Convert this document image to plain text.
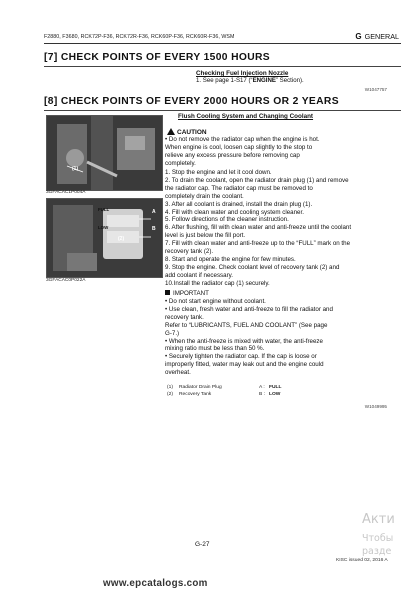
F2880, F3680, RCK72P-F36, RCK72R-F36, RCK60P-F36, RCK60R-F36, WSM	G GENERAL
[7] CHECK POINTS OF EVERY 1500 HOURS
Checking Fuel Injection Nozzle
1. See page 1-S17 (“ENGINE” Section).
W1047757
[8] CHECK POINTS OF EVERY 2000 HOURS OR 2 YEARS
Flush Cooling System and Changing Coolant
(1)
3GFACAC1P004A
FULL
LOW
A
B
(2)
3GFACAC0P022A
CAUTION
• Do not remove the radiator cap when the engine is hot.
When engine is cool, loosen cap slightly to the stop to
relieve any excess pressure before removing cap
completely.
1. Stop the engine and let it cool down.
2. To drain the coolant, open the radiator drain plug (1) and remove
the radiator cap. The radiator cap must be removed to
completely drain the coolant.
3. After all coolant is drained, install the drain plug (1).
4. Fill with clean water and cooling system cleaner.
5. Follow directions of the cleaner instruction.
6. After flushing, fill with clean water and anti-freeze until the coolant
level is just below the fill port.
7. Fill with clean water and anti-freeze up to the “FULL” mark on the
recovery tank (2).
8. Start and operate the engine for few minutes.
9. Stop the engine. Check coolant level of recovery tank (2) and
add coolant if necessary.
10.Install the radiator cap (1) securely.
IMPORTANT
• Do not start engine without coolant.
• Use clean, fresh water and anti-freeze to fill the radiator and
recovery tank.
Refer to “LUBRICANTS, FUEL AND COOLANT” (See page
G-7.)
• When the anti-freeze is mixed with water, the anti-freeze
mixing ratio must be less than 50 %.
• Securely tighten the radiator cap. If the cap is loose or
improperly fitted, water may leak out and the engine could
overheat.
(1)	Radiator Drain Plug	A :	FULL
(2)	Recovery Tank	B :	LOW
W1049995
G-27
KISC issued 02, 2016 A
www.epcatalogs.com
Акти
Чтобы
разде
